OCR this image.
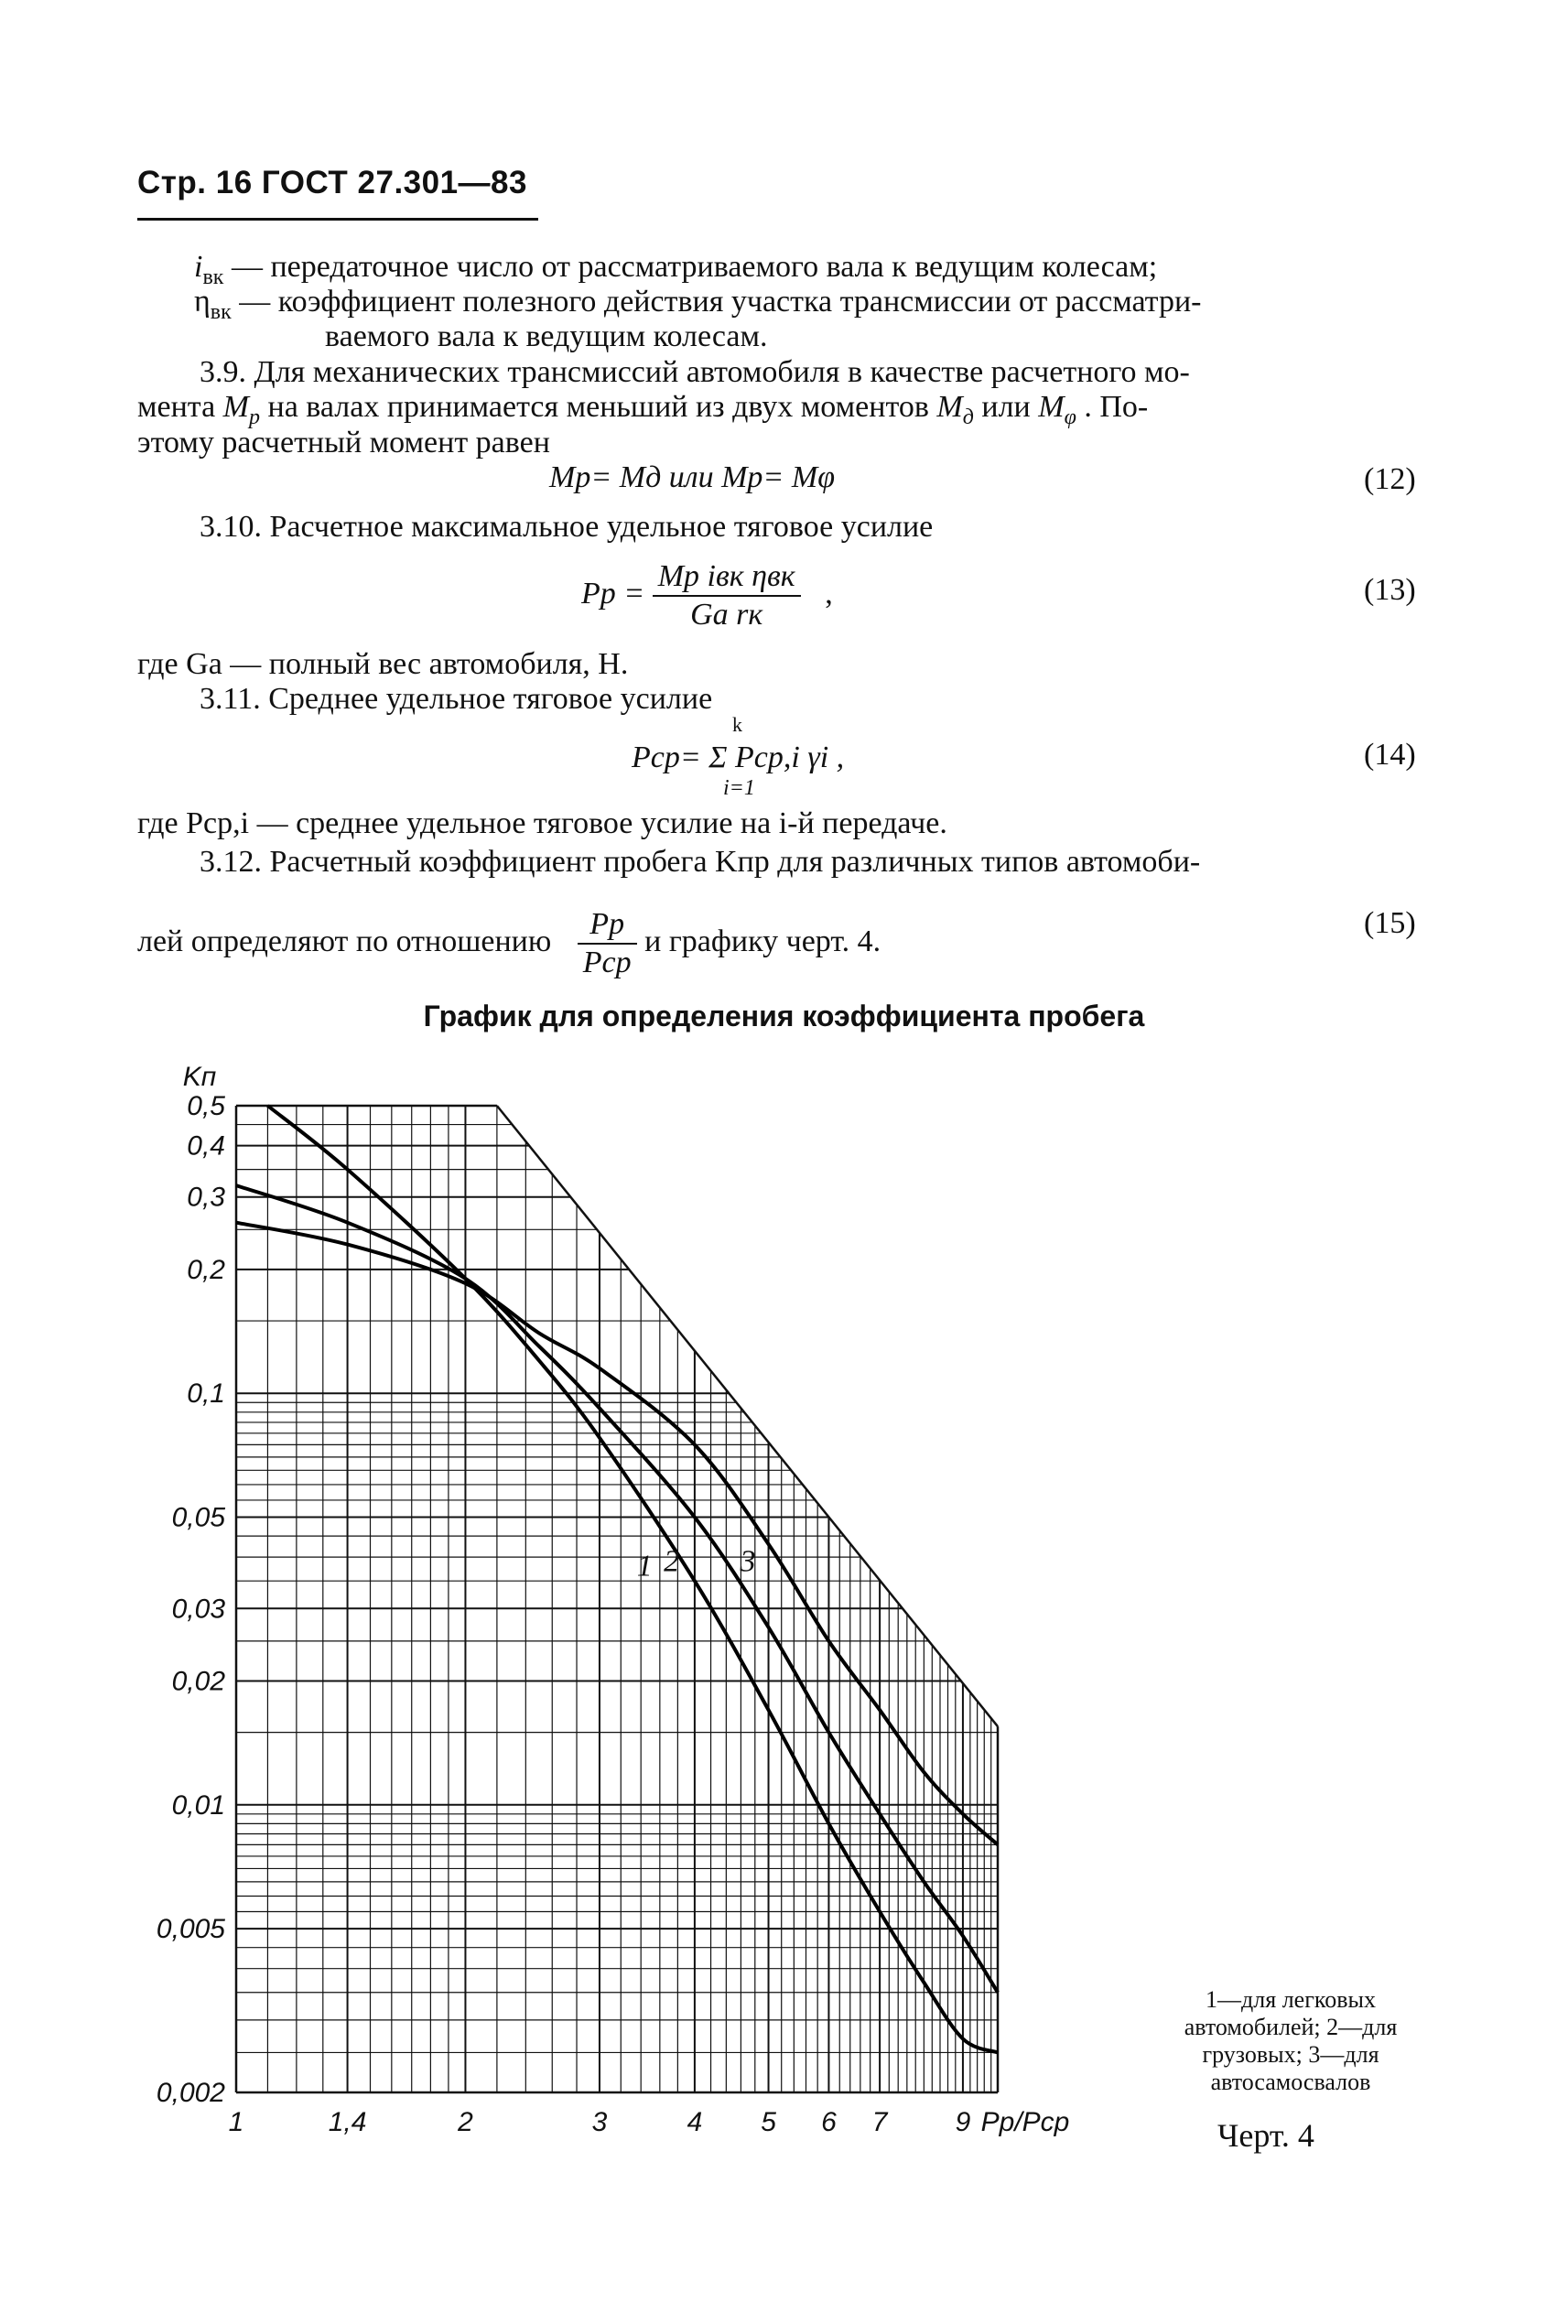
Стр. 16 ГОСТ 27.301—83
$i_{вк}$ — передаточное число от рассматриваемого вала к ведущим колесам;
$\eta_{вк}$ — коэффициент полезного действия участка трансмиссии от рассматри-
ваемого вала к ведущим колесам.
3.9. Для механических трансмиссий автомобиля в качестве расчетного мо-
мента $M_р$ на валах принимается меньший из двух моментов $M_д$ или $M_\varphi$ . По-
этому расчетный момент равен
Mр= Mд или Mр= Mφ	(12)
3.10. Расчетное максимальное удельное тяговое усилие
Pр = $\frac{\text{Mр iвк ηвк}}{\text{Gа rк}}$ ,	(13)
где Gа — полный вес автомобиля, Н.
3.11. Среднее удельное тяговое усилие
k
Pср= Σ Pср,i γi ,
i=1
(14)
где Pср,i — среднее удельное тяговое усилие на i-й передаче.
3.12. Расчетный коэффициент пробега Kпр для различных типов автомоби-
лей определяют по отношению $\frac{Pр}{\text{Pср}}$ и графику черт. 4.
(15)
График для определения коэффициента пробега
1 2 3
0,5
0,4
0,3
0,2
0,1
0,05
0,03
0,02
0,01
0,005
0,002
1	1,4	2	3	4 5 6 7 9 Pр/Pср
Kп
1—для легковых
автомобилей; 2—для
грузовых; 3—для
автосамосвалов
Черт. 4
